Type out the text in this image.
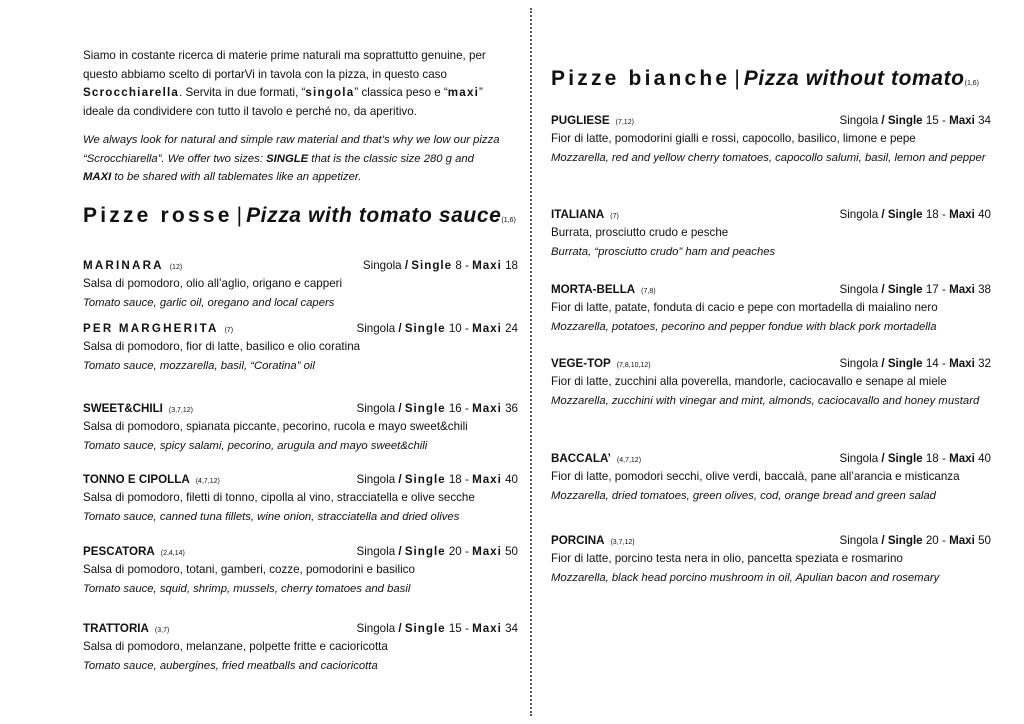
Siamo in costante ricerca di materie prime naturali ma soprattutto genuine, per
questo abbiamo scelto di portarVi in tavola con la pizza, in questo caso
Scrocchiarella. Servita in due formati, “singola” classica peso e “maxi”
ideale da condividere con tutto il tavolo e perché no, da aperitivo.
We always look for natural and simple raw material and that’s why we low our pizza
“Scrocchiarella”. We offer two sizes: SINGLE that is the classic size 280 g and
MAXI to be shared with all tablemates like an appetizer.
Pizze rosse | Pizza with tomato sauce(1,6)
MARINARA (12)	Singola / Single 8 - Maxi 18
Salsa di pomodoro, olio all’aglio, origano e capperi
Tomato sauce, garlic oil, oregano and local capers
PER MARGHERITA (7)	Singola / Single 10 - Maxi 24
Salsa di pomodoro, fior di latte, basilico e olio coratina
Tomato sauce, mozzarella, basil, “Coratina” oil
SWEET&CHILI (3,7,12)	Singola / Single 16 - Maxi 36
Salsa di pomodoro, spianata piccante, pecorino, rucola e mayo sweet&chili
Tomato sauce, spicy salami, pecorino, arugula and mayo sweet&chili
TONNO E CIPOLLA (4,7,12)	Singola / Single 18 - Maxi 40
Salsa di pomodoro, filetti di tonno, cipolla al vino, stracciatella e olive secche
Tomato sauce, canned tuna fillets, wine onion, stracciatella and dried olives
PESCATORA (2,4,14)	Singola / Single 20 - Maxi 50
Salsa di pomodoro, totani, gamberi, cozze, pomodorini e basilico
Tomato sauce, squid, shrimp, mussels, cherry tomatoes and basil
TRATTORIA (3,7)	Singola / Single 15 - Maxi 34
Salsa di pomodoro, melanzane, polpette fritte e cacioricotta
Tomato sauce, aubergines, fried meatballs and cacioricotta
Pizze bianche | Pizza without tomato(1,6)
PUGLIESE (7,12)	Singola / Single 15 - Maxi 34
Fior di latte, pomodorini gialli e rossi, capocollo, basilico, limone e pepe
Mozzarella, red and yellow cherry tomatoes, capocollo salumi, basil, lemon and pepper
ITALIANA (7)	Singola / Single 18 - Maxi 40
Burrata, prosciutto crudo e pesche
Burrata, “prosciutto crudo” ham and peaches
MORTA-BELLA (7,8)	Singola / Single 17 - Maxi 38
Fior di latte, patate, fonduta di cacio e pepe con mortadella di maialino nero
Mozzarella, potatoes, pecorino and pepper fondue with black pork mortadella
VEGE-TOP (7,8,10,12)	Singola / Single 14 - Maxi 32
Fior di latte, zucchini alla poverella, mandorle, caciocavallo e senape al miele
Mozzarella, zucchini with vinegar and mint, almonds, caciocavallo and honey mustard
BACCALA’ (4,7,12)	Singola / Single 18 - Maxi 40
Fior di latte, pomodori secchi, olive verdi, baccalà, pane all’arancia e misticanza
Mozzarella, dried tomatoes, green olives, cod, orange bread and green salad
PORCINA (3,7,12)	Singola / Single 20 - Maxi 50
Fior di latte, porcino testa nera in olio, pancetta speziata e rosmarino
Mozzarella, black head porcino mushroom in oil, Apulian bacon and rosemary
